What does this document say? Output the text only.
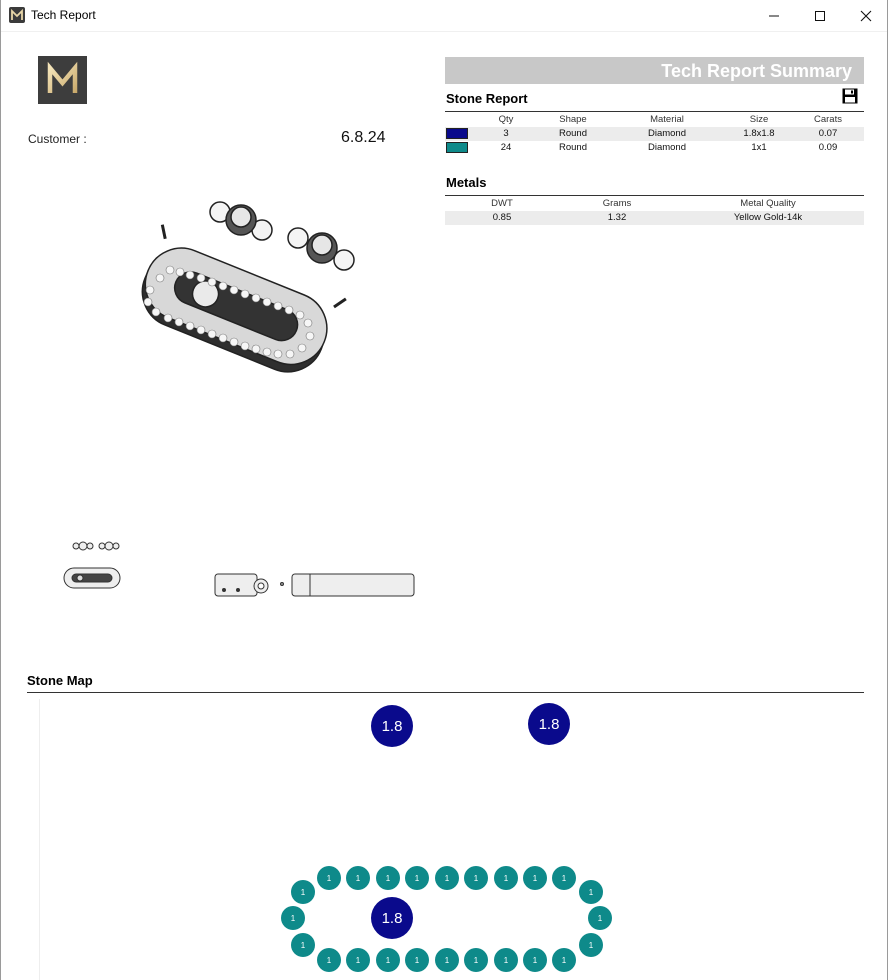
Tech Report
Customer :	6.8.24
Tech Report Summary
Stone Report
Qty	Shape	Material	Size	Carats
3	Round	Diamond	1.8x1.8	0.07
24	Round	Diamond	1x1	0.09
Metals
DWT	Grams	Metal Quality
0.85	1.32	Yellow Gold-14k
Stone Map
1.8	1.8
1.8
1	1	1	1	1	1	1	1	1
1	1	1	1	1	1	1	1	1
1
1
1
1
1
1
